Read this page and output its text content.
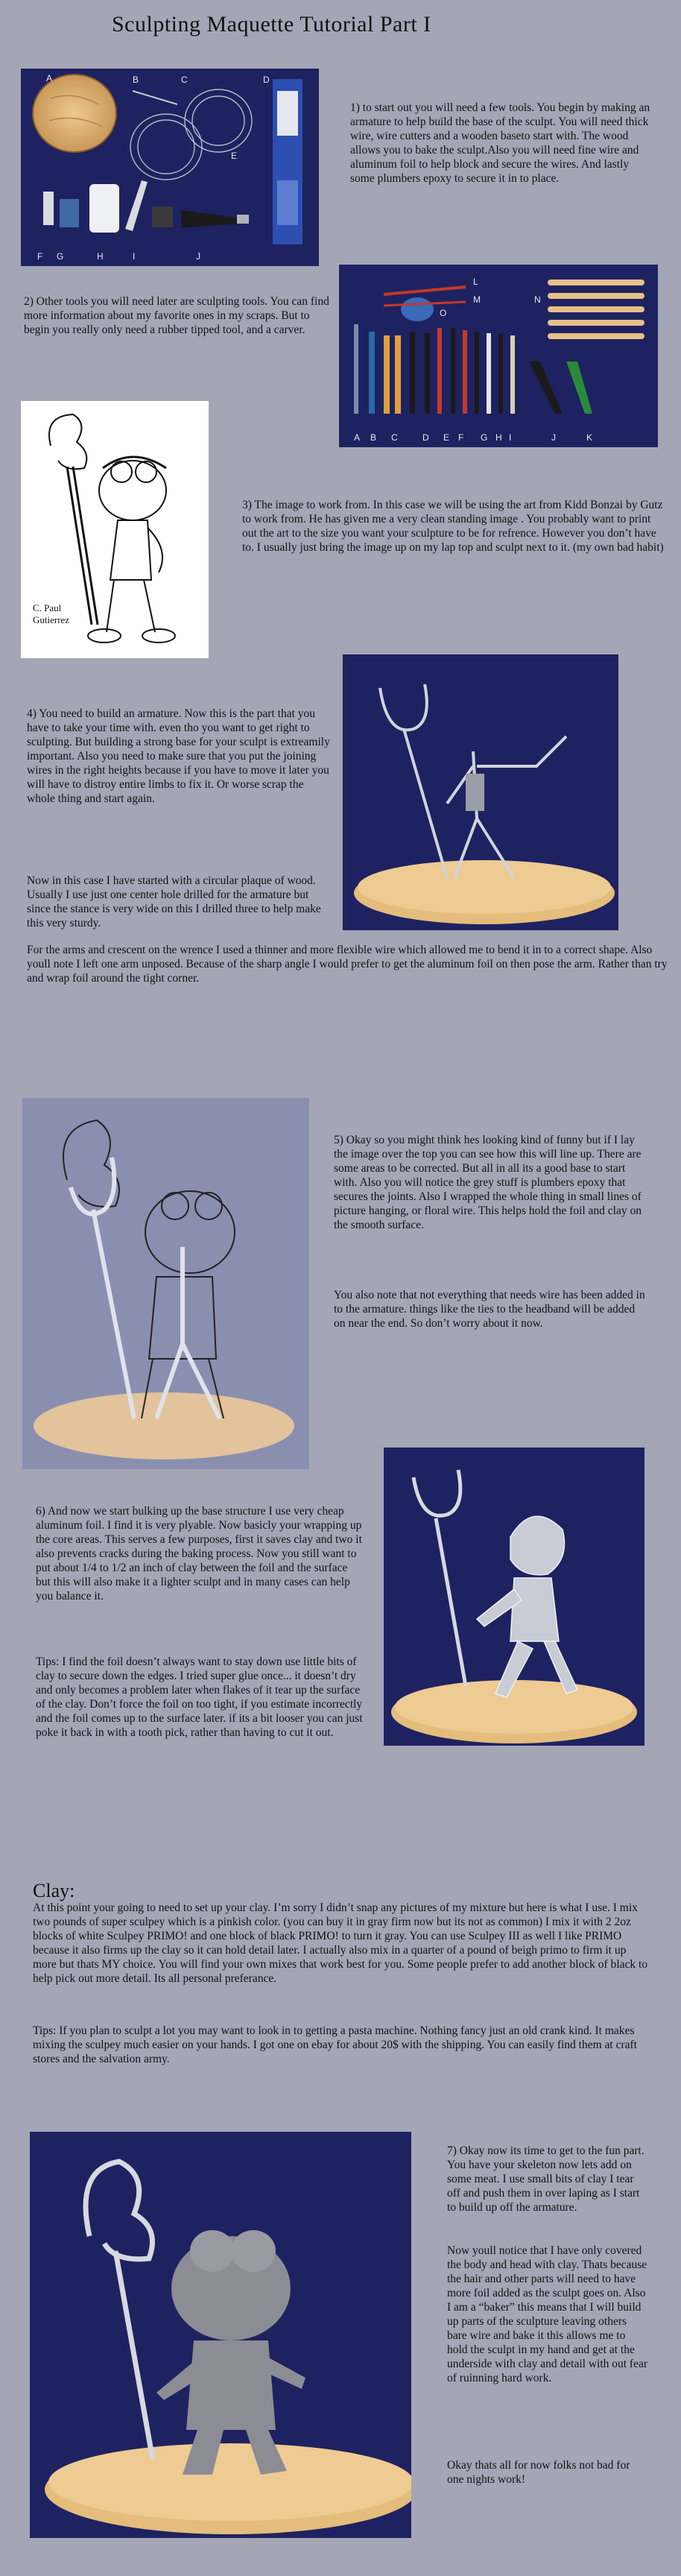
Sculpting Maquette Tutorial Part I
A	B	C	D
E
F G	H	I	J
1) to start out you will need a few tools. You begin by making an armature to help build the base of the sculpt. You will need thick wire, wire cutters and a wooden baseto start with. The wood allows you to bake the sculpt.Also you will need fine wire and aluminum foil to help block and secure the wires. And lastly some plumbers epoxy to secure it in to place.
2) Other tools you will need later are sculpting tools. You can find more information about my favorite ones in my scraps. But to begin you really only need a rubber tipped tool, and a carver.
A B C	D E F G H I	J	K
L
M	N
O
C. Paul
Gutierrez
3) The image to work from. In this case we will be using the art from Kidd Bonzai by Gutz to work from. He has given me a very clean standing image . You probably want to print out the art to the size you want your sculpture to be for refrence. However you don’t have to. I usually just bring the image up on my lap top and sculpt next to it. (my own bad habit)
4) You need to build an armature. Now this is the part that you have to take your time with. even tho you want to get right to sculpting. But building a strong base for your sculpt is extreamily important. Also you need to make sure that you put the joining wires in the right heights because if you have to move it later you will have to distroy entire limbs to fix it. Or worse scrap the whole thing and start again.
Now in this case I have started with a circular plaque of wood. Usually I use just one center hole drilled for the armature but since the stance is very wide on this I drilled three to help make this very sturdy.
For the arms and crescent on the wrence I used a thinner and more flexible wire which allowed me to bend it in to a correct shape. Also youll note I left one arm unposed. Because of the sharp angle I would prefer to get the aluminum foil on then pose the arm. Rather than try and wrap foil around the tight corner.
5) Okay so you might think hes looking kind of funny but if I lay the image over the top you can see how this will line up. There are some areas to be corrected. But all in all its a good base to start with. Also you will notice the grey stuff is plumbers epoxy that secures the joints. Also I wrapped the whole thing in small lines of picture hanging, or floral wire. This helps hold the foil and clay on the smooth surface.
You also note that not everything that needs wire has been added in to the armature. things like the ties to the headband will be added on near the end. So don’t worry about it now.
6) And now we start bulking up the base structure I use very cheap aluminum foil. I find it is very plyable. Now basicly your wrapping up the core areas. This serves a few purposes, first it saves clay and two it also prevents cracks during the baking process. Now you still want to put about 1/4 to 1/2 an inch of clay between the foil and the surface but this will also make it a lighter sculpt and in many cases can help you balance it.
Tips: I find the foil doesn’t always want to stay down use little bits of clay to secure down the edges. I tried super glue once... it doesn’t dry and only becomes a problem later when flakes of it tear up the surface of the clay. Don’t force the foil on too tight, if you estimate incorrectly and the foil comes up to the surface later. if its a bit looser you can just poke it back in with a tooth pick, rather than having to cut it out.

Clay:
At this point your going to need to set up your clay. I’m sorry I didn’t snap any pictures of my mixture but here is what I use. I mix two pounds of super sculpey which is a pinkish color. (you can buy it in gray firm now but its not as common) I mix it with 2 2oz blocks of white Sculpey PRIMO! and one block of black PRIMO! to turn it gray. You can use Sculpey III as well I like PRIMO because it also firms up the clay so it can hold detail later. I actually also mix in a quarter of a pound of beigh primo to firm it up more but thats MY choice. You will find your own mixes that work best for you. Some people prefer to add another block of black to help pick out more detail. Its all personal preferance.

Tips: If you plan to sculpt a lot you may want to look in to getting a pasta machine. Nothing fancy just an old crank kind. It makes mixing the sculpey much easier on your hands. I got one on ebay for about 20$ with the shipping. You can easily find them at craft stores and the salvation army.
7) Okay now its time to get to the fun part. You have your skeleton now lets add on some meat. I use small bits of clay I tear off and push them in over laping as I start to build up off the armature.
Now youll notice that I have only covered the body and head with clay. Thats because the hair and other parts will need to have more foil added as the sculpt goes on. Also I am a “baker” this means that I will build up parts of the sculpture leaving others bare wire and bake it this allows me to hold the sculpt in my hand and get at the underside with clay and detail with out fear of ruinning hard work.
Okay thats all for now folks not bad for one nights work!
